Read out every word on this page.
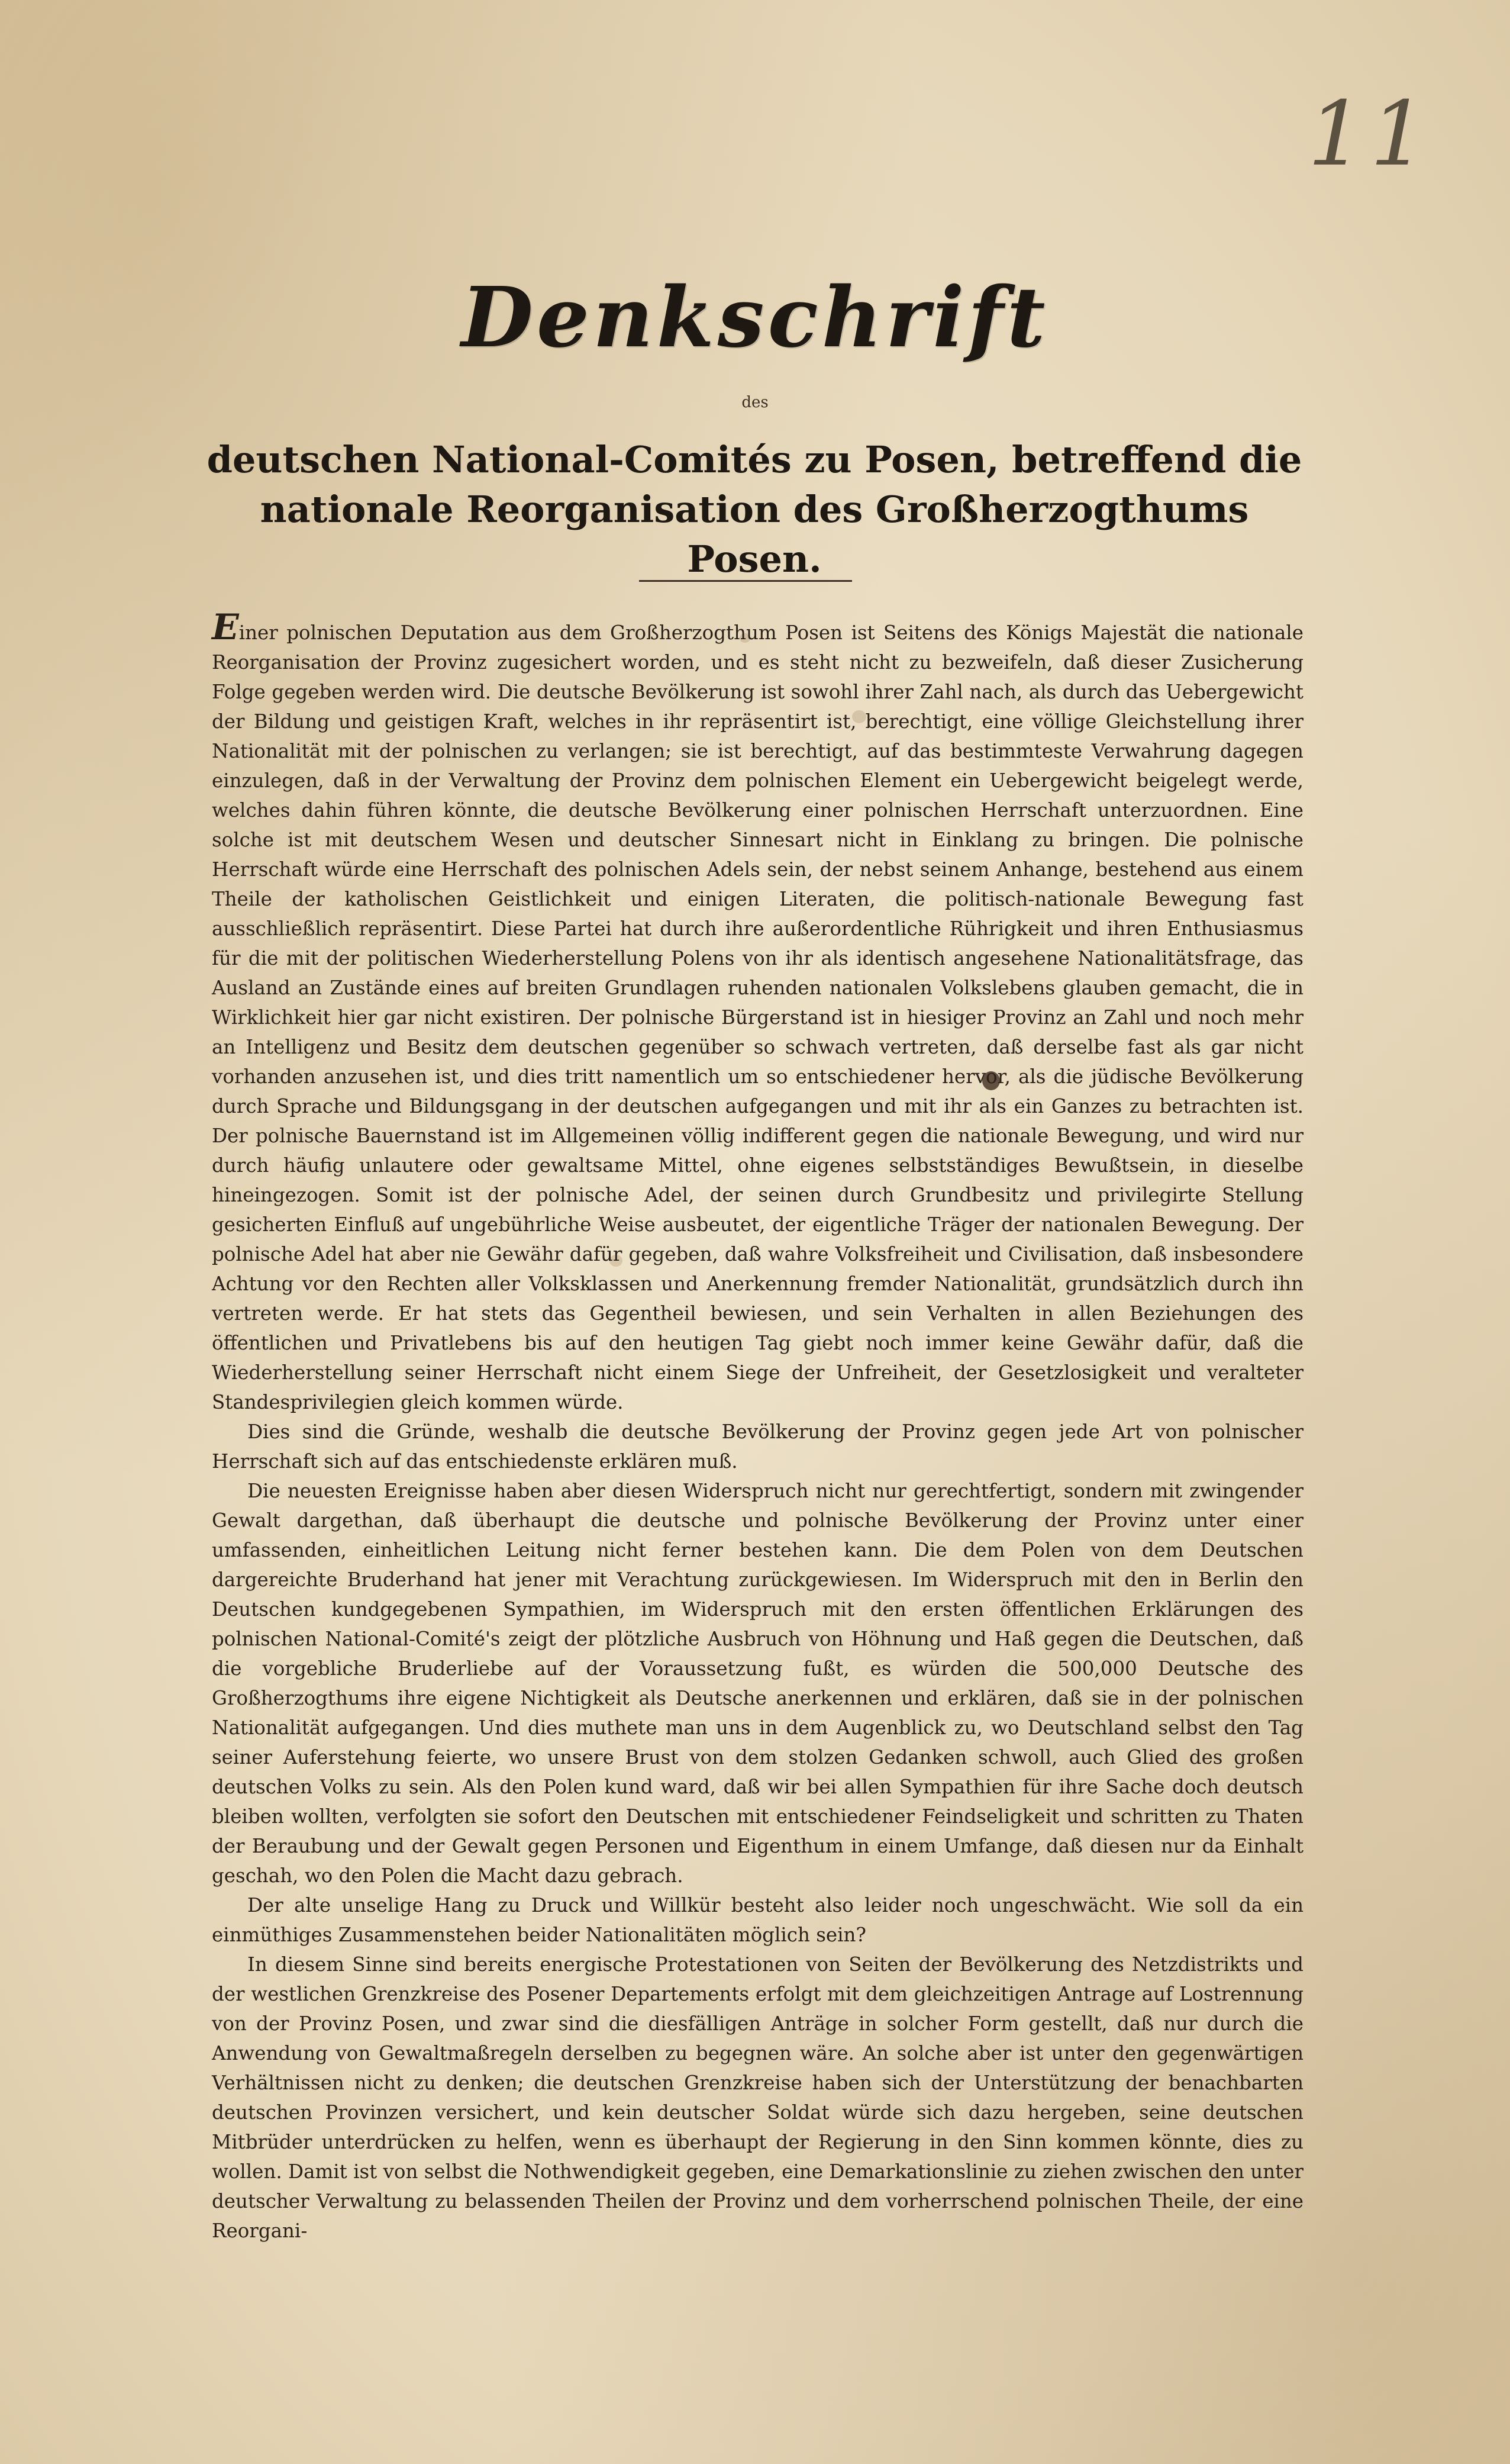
11
Denkschrift
des
deutschen National-Comités zu Posen, betreffend die nationale Reorganisation des Großherzogthums Posen.

Einer polnischen Deputation aus dem Großherzogthum Posen ist Seitens des Königs Majestät die nationale Reorganisation der Provinz zugesichert worden, und es steht nicht zu bezweifeln, daß dieser Zusicherung Folge gegeben werden wird. Die deutsche Bevölkerung ist sowohl ihrer Zahl nach, als durch das Uebergewicht der Bildung und geistigen Kraft, welches in ihr repräsentirt ist, berechtigt, eine völlige Gleichstellung ihrer Nationalität mit der polnischen zu verlangen; sie ist berechtigt, auf das bestimmteste Verwahrung dagegen einzulegen, daß in der Verwaltung der Provinz dem polnischen Element ein Uebergewicht beigelegt werde, welches dahin führen könnte, die deutsche Bevölkerung einer polnischen Herrschaft unterzuordnen. Eine solche ist mit deutschem Wesen und deutscher Sinnesart nicht in Einklang zu bringen. Die polnische Herrschaft würde eine Herrschaft des polnischen Adels sein, der nebst seinem Anhange, bestehend aus einem Theile der katholischen Geistlichkeit und einigen Literaten, die politisch-nationale Bewegung fast ausschließlich repräsentirt. Diese Partei hat durch ihre außerordentliche Rührigkeit und ihren Enthusiasmus für die mit der politischen Wiederherstellung Polens von ihr als identisch angesehene Nationalitätsfrage, das Ausland an Zustände eines auf breiten Grundlagen ruhenden nationalen Volkslebens glauben gemacht, die in Wirklichkeit hier gar nicht existiren. Der polnische Bürgerstand ist in hiesiger Provinz an Zahl und noch mehr an Intelligenz und Besitz dem deutschen gegenüber so schwach vertreten, daß derselbe fast als gar nicht vorhanden anzusehen ist, und dies tritt namentlich um so entschiedener hervor, als die jüdische Bevölkerung durch Sprache und Bildungsgang in der deutschen aufgegangen und mit ihr als ein Ganzes zu betrachten ist. Der polnische Bauernstand ist im Allgemeinen völlig indifferent gegen die nationale Bewegung, und wird nur durch häufig unlautere oder gewaltsame Mittel, ohne eigenes selbstständiges Bewußtsein, in dieselbe hineingezogen. Somit ist der polnische Adel, der seinen durch Grundbesitz und privilegirte Stellung gesicherten Einfluß auf ungebührliche Weise ausbeutet, der eigentliche Träger der nationalen Bewegung. Der polnische Adel hat aber nie Gewähr dafür gegeben, daß wahre Volksfreiheit und Civilisation, daß insbesondere Achtung vor den Rechten aller Volksklassen und Anerkennung fremder Nationalität, grundsätzlich durch ihn vertreten werde. Er hat stets das Gegentheil bewiesen, und sein Verhalten in allen Beziehungen des öffentlichen und Privatlebens bis auf den heutigen Tag giebt noch immer keine Gewähr dafür, daß die Wiederherstellung seiner Herrschaft nicht einem Siege der Unfreiheit, der Gesetzlosigkeit und veralteter Standesprivilegien gleich kommen würde.

Dies sind die Gründe, weshalb die deutsche Bevölkerung der Provinz gegen jede Art von polnischer Herrschaft sich auf das entschiedenste erklären muß.

Die neuesten Ereignisse haben aber diesen Widerspruch nicht nur gerechtfertigt, sondern mit zwingender Gewalt dargethan, daß überhaupt die deutsche und polnische Bevölkerung der Provinz unter einer umfassenden, einheitlichen Leitung nicht ferner bestehen kann. Die dem Polen von dem Deutschen dargereichte Bruderhand hat jener mit Verachtung zurückgewiesen. Im Widerspruch mit den in Berlin den Deutschen kundgegebenen Sympathien, im Widerspruch mit den ersten öffentlichen Erklärungen des polnischen National-Comité's zeigt der plötzliche Ausbruch von Höhnung und Haß gegen die Deutschen, daß die vorgebliche Bruderliebe auf der Voraussetzung fußt, es würden die 500,000 Deutsche des Großherzogthums ihre eigene Nichtigkeit als Deutsche anerkennen und erklären, daß sie in der polnischen Nationalität aufgegangen. Und dies muthete man uns in dem Augenblick zu, wo Deutschland selbst den Tag seiner Auferstehung feierte, wo unsere Brust von dem stolzen Gedanken schwoll, auch Glied des großen deutschen Volks zu sein. Als den Polen kund ward, daß wir bei allen Sympathien für ihre Sache doch deutsch bleiben wollten, verfolgten sie sofort den Deutschen mit entschiedener Feindseligkeit und schritten zu Thaten der Beraubung und der Gewalt gegen Personen und Eigenthum in einem Umfange, daß diesen nur da Einhalt geschah, wo den Polen die Macht dazu gebrach.

Der alte unselige Hang zu Druck und Willkür besteht also leider noch ungeschwächt. Wie soll da ein einmüthiges Zusammenstehen beider Nationalitäten möglich sein?

In diesem Sinne sind bereits energische Protestationen von Seiten der Bevölkerung des Netzdistrikts und der westlichen Grenzkreise des Posener Departements erfolgt mit dem gleichzeitigen Antrage auf Lostrennung von der Provinz Posen, und zwar sind die diesfälligen Anträge in solcher Form gestellt, daß nur durch die Anwendung von Gewaltmaßregeln derselben zu begegnen wäre. An solche aber ist unter den gegenwärtigen Verhältnissen nicht zu denken; die deutschen Grenzkreise haben sich der Unterstützung der benachbarten deutschen Provinzen versichert, und kein deutscher Soldat würde sich dazu hergeben, seine deutschen Mitbrüder unterdrücken zu helfen, wenn es überhaupt der Regierung in den Sinn kommen könnte, dies zu wollen. Damit ist von selbst die Nothwendigkeit gegeben, eine Demarkationslinie zu ziehen zwischen den unter deutscher Verwaltung zu belassenden Theilen der Provinz und dem vorherrschend polnischen Theile, der eine Reorgani-
